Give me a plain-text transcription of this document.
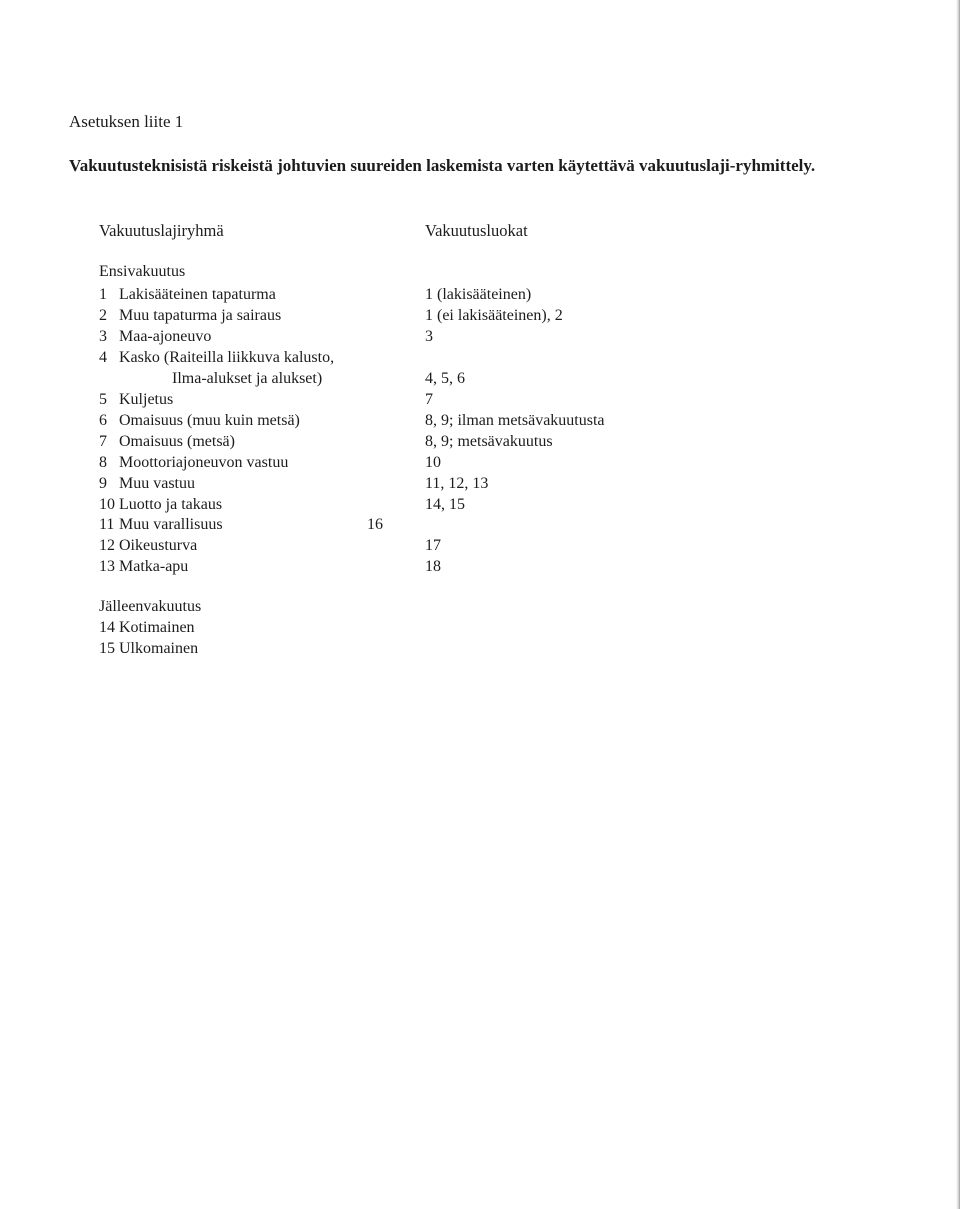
Asetuksen liite 1
Vakuutusteknisistä riskeistä johtuvien suureiden laskemista varten käytettävä vakuutuslaji-ryhmittely.
Vakuutuslajiryhmä	Vakuutusluokat
Ensivakuutus
1 Lakisääteinen tapaturma	1 (lakisääteinen)
2 Muu tapaturma ja sairaus	1 (ei lakisääteinen), 2
3 Maa-ajoneuvo	3
4 Kasko (Raiteilla liikkuva kalusto,
Ilma-alukset ja alukset)	4, 5, 6
5 Kuljetus	7
6 Omaisuus (muu kuin metsä)	8, 9; ilman metsävakuutusta
7 Omaisuus (metsä)	8, 9; metsävakuutus
8 Moottoriajoneuvon vastuu	10
9 Muu vastuu	11, 12, 13
10 Luotto ja takaus	14, 15
11 Muu varallisuus	16
12 Oikeusturva	17
13 Matka-apu	18
Jälleenvakuutus
14 Kotimainen
15 Ulkomainen
